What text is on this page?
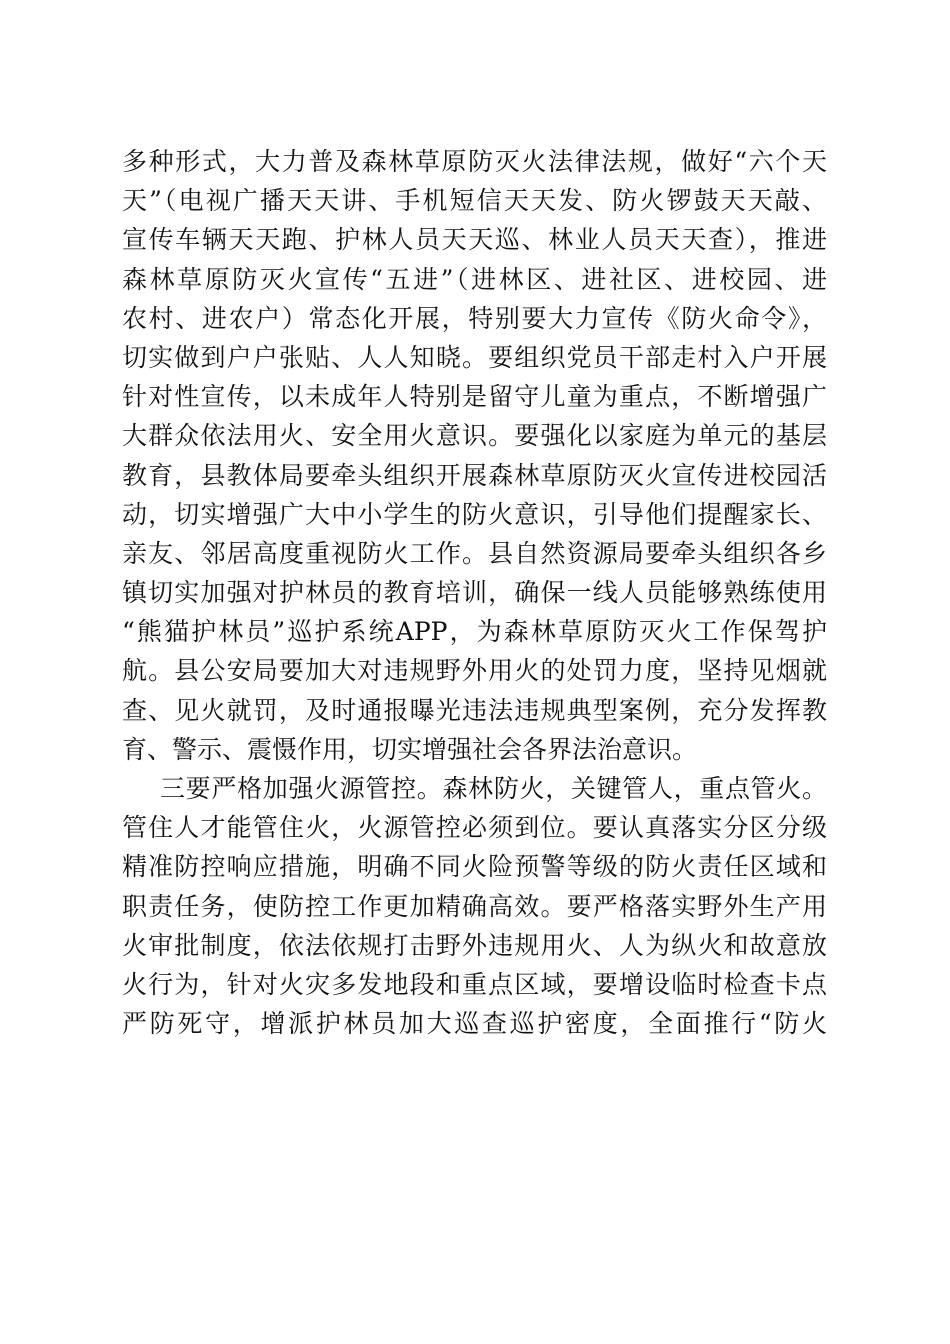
多种形式，大力普及森林草原防灭火法律法规，做好“六个天
天”（电视广播天天讲、手机短信天天发、防火锣鼓天天敲、
宣传车辆天天跑、护林人员天天巡、林业人员天天查），推进
森林草原防灭火宣传“五进”（进林区、进社区、进校园、进
农村、进农户）常态化开展，特别要大力宣传《防火命令》，
切实做到户户张贴、人人知晓。要组织党员干部走村入户开展
针对性宣传，以未成年人特别是留守儿童为重点，不断增强广
大群众依法用火、安全用火意识。要强化以家庭为单元的基层
教育，县教体局要牵头组织开展森林草原防灭火宣传进校园活
动，切实增强广大中小学生的防火意识，引导他们提醒家长、
亲友、邻居高度重视防火工作。县自然资源局要牵头组织各乡
镇切实加强对护林员的教育培训，确保一线人员能够熟练使用
“熊猫护林员”巡护系统APP，为森林草原防灭火工作保驾护
航。县公安局要加大对违规野外用火的处罚力度，坚持见烟就
查、见火就罚，及时通报曝光违法违规典型案例，充分发挥教
育、警示、震慑作用，切实增强社会各界法治意识。
三要严格加强火源管控。森林防火，关键管人，重点管火。
管住人才能管住火，火源管控必须到位。要认真落实分区分级
精准防控响应措施，明确不同火险预警等级的防火责任区域和
职责任务，使防控工作更加精确高效。要严格落实野外生产用
火审批制度，依法依规打击野外违规用火、人为纵火和故意放
火行为，针对火灾多发地段和重点区域，要增设临时检查卡点
严防死守，增派护林员加大巡查巡护密度，全面推行“防火
